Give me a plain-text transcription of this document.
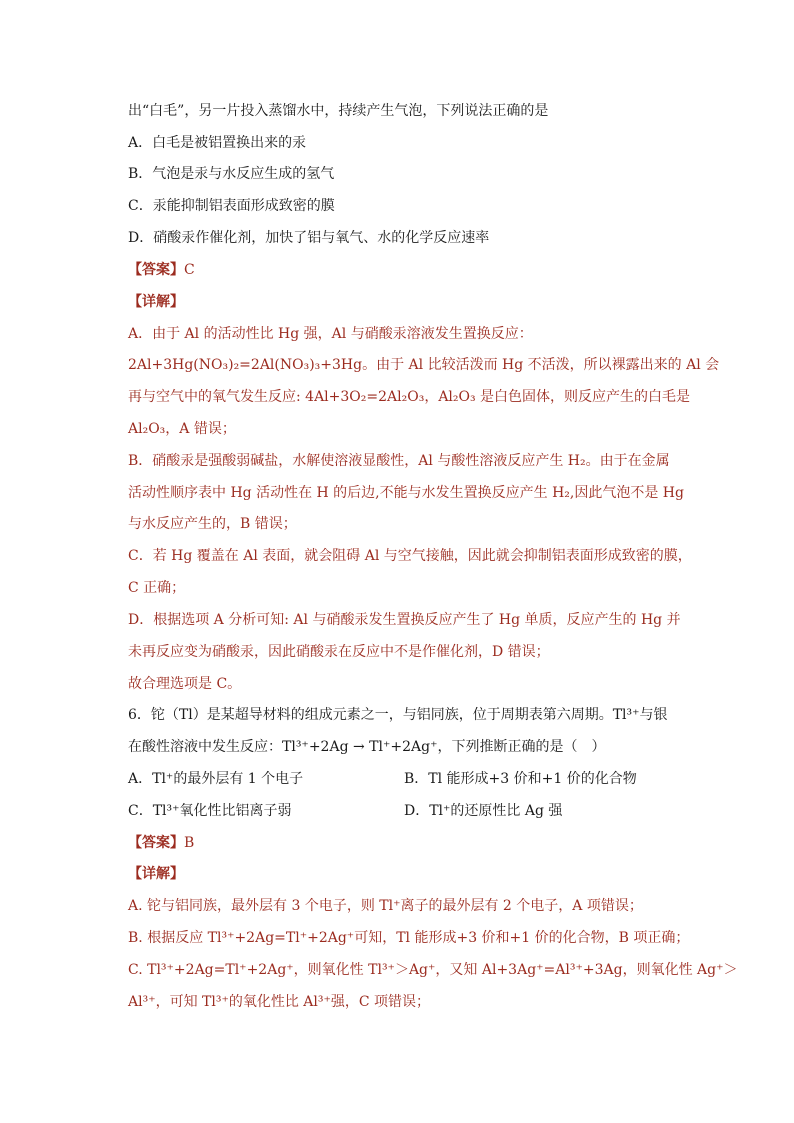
出“白毛”，另一片投入蒸馏水中，持续产生气泡，下列说法正确的是
A．白毛是被铝置换出来的汞
B．气泡是汞与水反应生成的氢气
C．汞能抑制铝表面形成致密的膜
D．硝酸汞作催化剂，加快了铝与氧气、水的化学反应速率
【答案】C
【详解】
A．由于 Al 的活动性比 Hg 强，Al 与硝酸汞溶液发生置换反应：
2Al+3Hg(NO₃)₂=2Al(NO₃)₃+3Hg。由于 Al 比较活泼而 Hg 不活泼，所以裸露出来的 Al 会
再与空气中的氧气发生反应: 4Al+3O₂=2Al₂O₃，Al₂O₃ 是白色固体，则反应产生的白毛是
Al₂O₃，A 错误；
B．硝酸汞是强酸弱碱盐，水解使溶液显酸性，Al 与酸性溶液反应产生 H₂。由于在金属
活动性顺序表中 Hg 活动性在 H 的后边,不能与水发生置换反应产生 H₂,因此气泡不是 Hg
与水反应产生的，B 错误；
C．若 Hg 覆盖在 Al 表面，就会阻碍 Al 与空气接触，因此就会抑制铝表面形成致密的膜，
C 正确；
D．根据选项 A 分析可知: Al 与硝酸汞发生置换反应产生了 Hg 单质，反应产生的 Hg 并
未再反应变为硝酸汞，因此硝酸汞在反应中不是作催化剂，D 错误；
故合理选项是 C。
6．铊（Tl）是某超导材料的组成元素之一，与铝同族，位于周期表第六周期。Tl³⁺与银
在酸性溶液中发生反应：Tl³⁺+2Ag → Tl⁺+2Ag⁺，下列推断正确的是（　）
A．Tl⁺的最外层有 1 个电子	B．Tl 能形成+3 价和+1 价的化合物
C．Tl³⁺氧化性比铝离子弱	D．Tl⁺的还原性比 Ag 强
【答案】B
【详解】
A. 铊与铝同族，最外层有 3 个电子，则 Tl⁺离子的最外层有 2 个电子，A 项错误；
B. 根据反应 Tl³⁺+2Ag=Tl⁺+2Ag⁺可知，Tl 能形成+3 价和+1 价的化合物，B 项正确；
C. Tl³⁺+2Ag=Tl⁺+2Ag⁺，则氧化性 Tl³⁺＞Ag⁺，又知 Al+3Ag⁺=Al³⁺+3Ag，则氧化性 Ag⁺＞
Al³⁺，可知 Tl³⁺的氧化性比 Al³⁺强，C 项错误；
